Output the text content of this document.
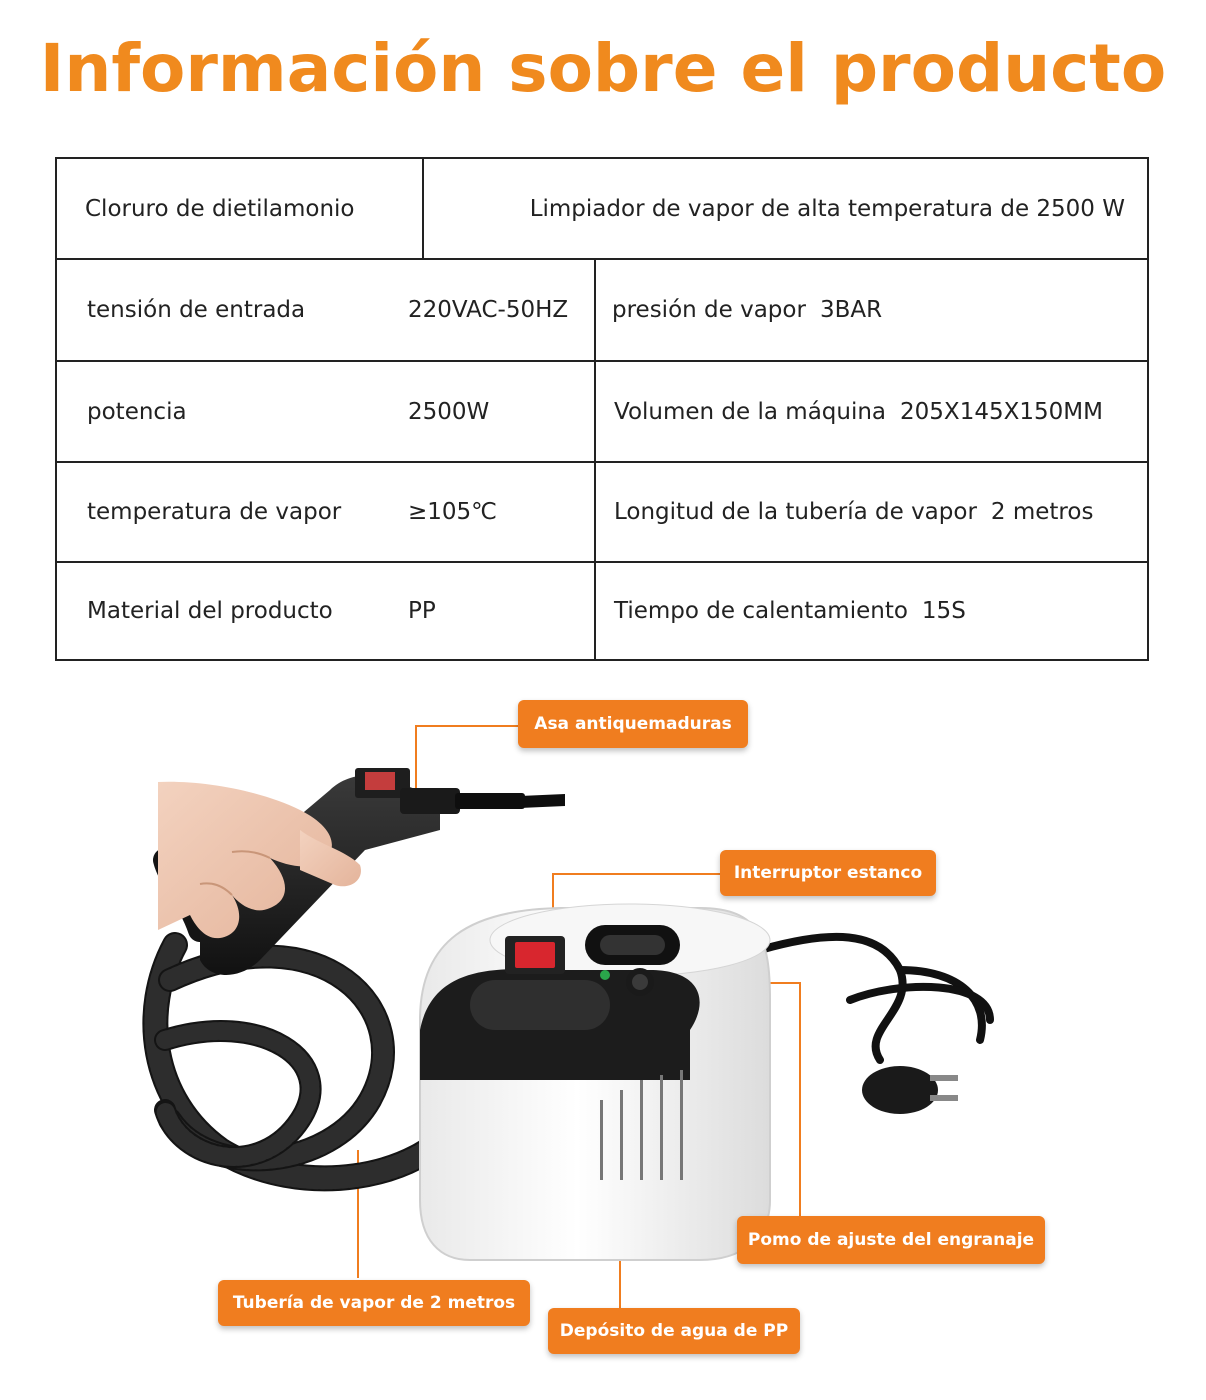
Información sobre el producto
Cloruro de dietilamonio	Limpiador de vapor de alta temperatura de 2500 W
tensión de entrada	220VAC-50HZ	presión de vapor 3BAR
potencia	2500W	Volumen de la máquina 205X145X150MM
temperatura de vapor	≥105℃	Longitud de la tubería de vapor 2 metros
Material del producto	PP	Tiempo de calentamiento 15S
Asa antiquemaduras
Interruptor estanco
Pomo de ajuste del engranaje
Tubería de vapor de 2 metros
Depósito de agua de PP
